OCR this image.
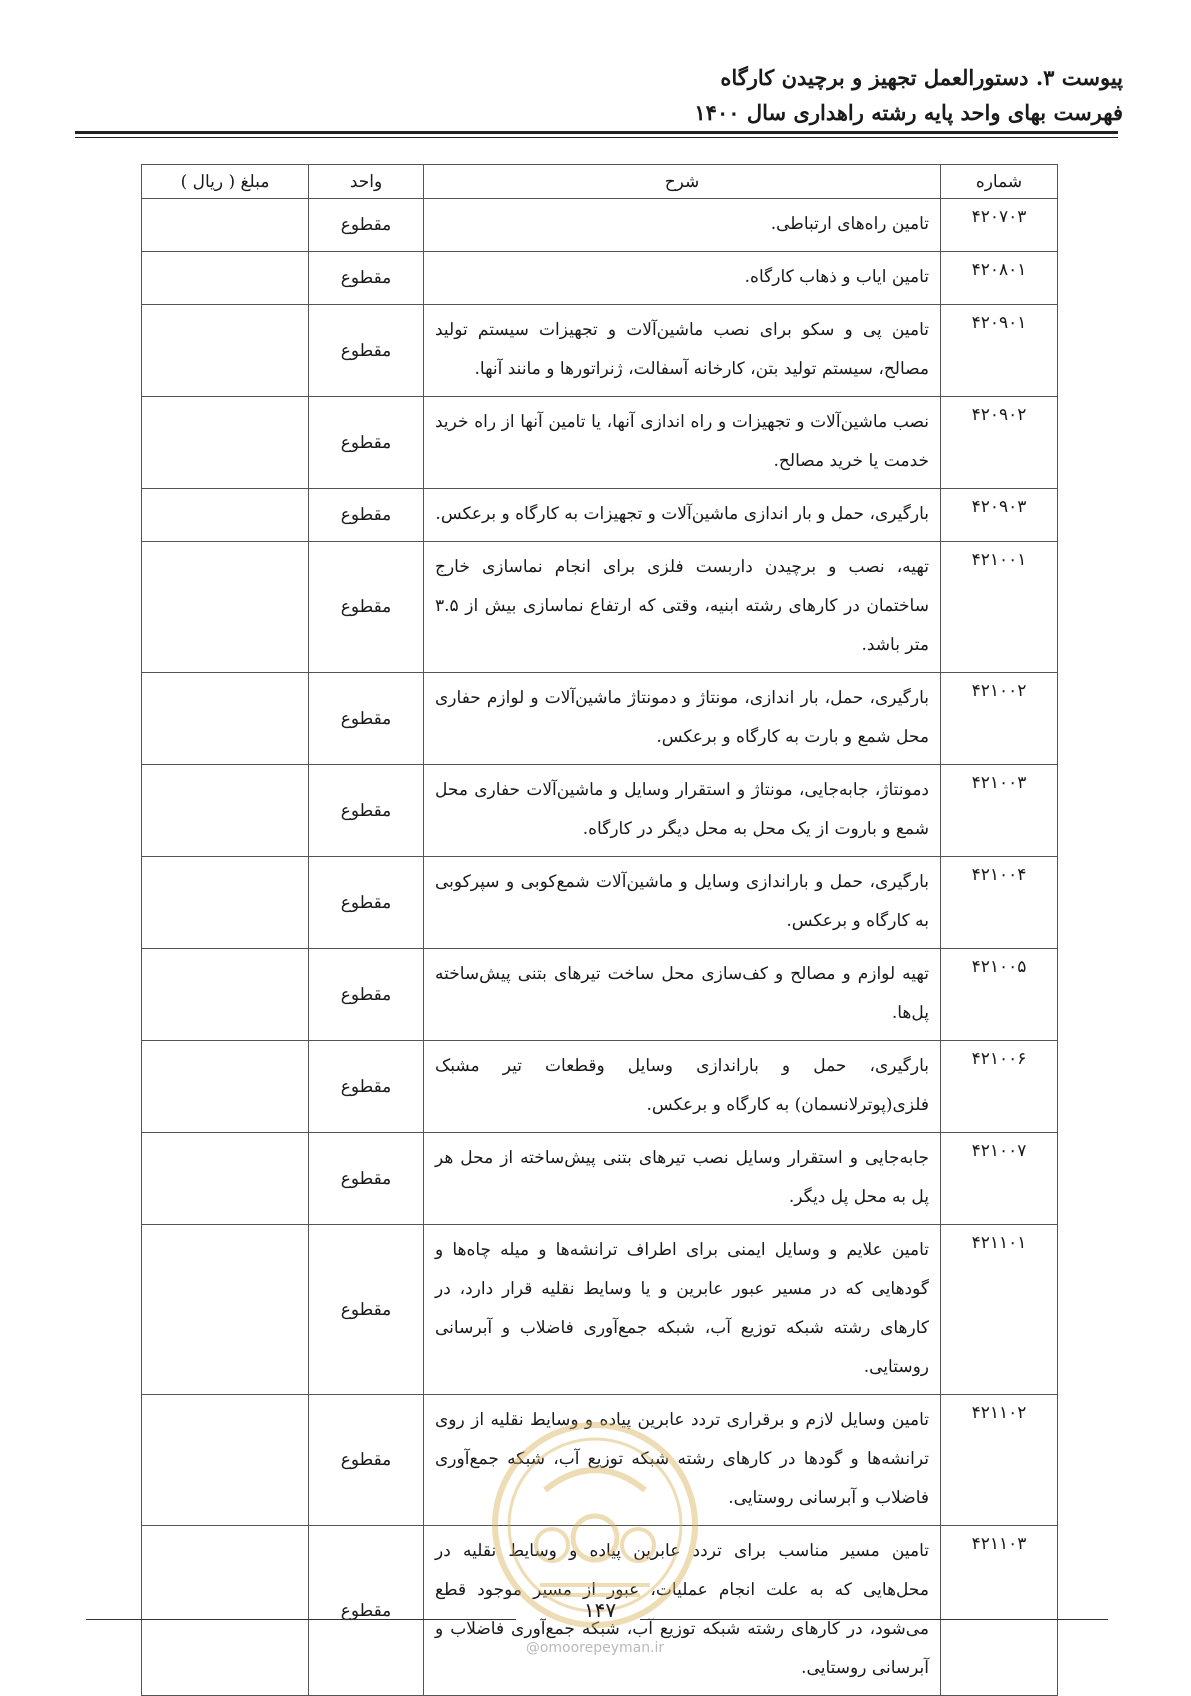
پیوست ۳. دستورالعمل تجهیز و برچیدن کارگاه
فهرست بهای واحد پایه رشته راهداری سال ۱۴۰۰
شماره	شرح	واحد	مبلغ ( ریال )
۴۲۰۷۰۳	تامین راه‌های ارتباطی.	مقطوع	
۴۲۰۸۰۱	تامین ایاب و ذهاب کارگاه.	مقطوع	
۴۲۰۹۰۱	تامین پی و سکو برای نصب ماشین‌آلات و تجهیزات سیستم تولید مصالح، سیستم تولید بتن، کارخانه آسفالت، ژنراتورها و مانند آنها.	مقطوع	
۴۲۰۹۰۲	نصب ماشین‌آلات و تجهیزات و راه اندازی آنها، یا تامین آنها از راه خرید خدمت یا خرید مصالح.	مقطوع	
۴۲۰۹۰۳	بارگیری، حمل و بار اندازی ماشین‌آلات و تجهیزات به کارگاه و برعکس.	مقطوع	
۴۲۱۰۰۱	تهیه، نصب و برچیدن داربست فلزی برای انجام نماسازی خارج ساختمان در کارهای رشته ابنیه، وقتی که ارتفاع نماسازی بیش از ۳.۵ متر باشد.	مقطوع	
۴۲۱۰۰۲	بارگیری، حمل، بار اندازی، مونتاژ و دمونتاژ ماشین‌آلات و لوازم حفاری محل شمع و بارت به کارگاه و برعکس.	مقطوع	
۴۲۱۰۰۳	دمونتاژ، جابه‌جایی، مونتاژ و استقرار وسایل و ماشین‌آلات حفاری محل شمع و باروت از یک محل به محل دیگر در کارگاه.	مقطوع	
۴۲۱۰۰۴	بارگیری، حمل و باراندازی وسایل و ماشین‌آلات شمع‌کوبی و سپرکوبی به کارگاه و برعکس.	مقطوع	
۴۲۱۰۰۵	تهیه لوازم و مصالح و کف‌سازی محل ساخت تیرهای بتنی پیش‌ساخته پل‌ها.	مقطوع	
۴۲۱۰۰۶	بارگیری، حمل و باراندازی وسایل وقطعات تیر مشبک فلزی(پوترلانسمان) به کارگاه و برعکس.	مقطوع	
۴۲۱۰۰۷	جابه‌جایی و استقرار وسایل نصب تیرهای بتنی پیش‌ساخته از محل هر پل به محل پل دیگر.	مقطوع	
۴۲۱۱۰۱	تامین علایم و وسایل ایمنی برای اطراف ترانشه‌ها و میله چاه‌ها و گودهایی که در مسیر عبور عابرین و یا وسایط نقلیه قرار دارد، در کارهای رشته شبکه توزیع آب، شبکه جمع‌آوری فاضلاب و آبرسانی روستایی.	مقطوع	
۴۲۱۱۰۲	تامین وسایل لازم و برقراری تردد عابرین پیاده و وسایط نقلیه از روی ترانشه‌ها و گودها در کارهای رشته شبکه توزیع آب، شبکه جمع‌آوری فاضلاب و آبرسانی روستایی.	مقطوع	
۴۲۱۱۰۳	تامین مسیر مناسب برای تردد عابرین پیاده و وسایط نقلیه در محل‌هایی که به علت انجام عملیات، عبور از مسیر موجود قطع می‌شود، در کارهای رشته شبکه توزیع آب، شبکه جمع‌آوری فاضلاب و آبرسانی روستایی.	مقطوع		۱۴۷
@omoorepeyman.ir
